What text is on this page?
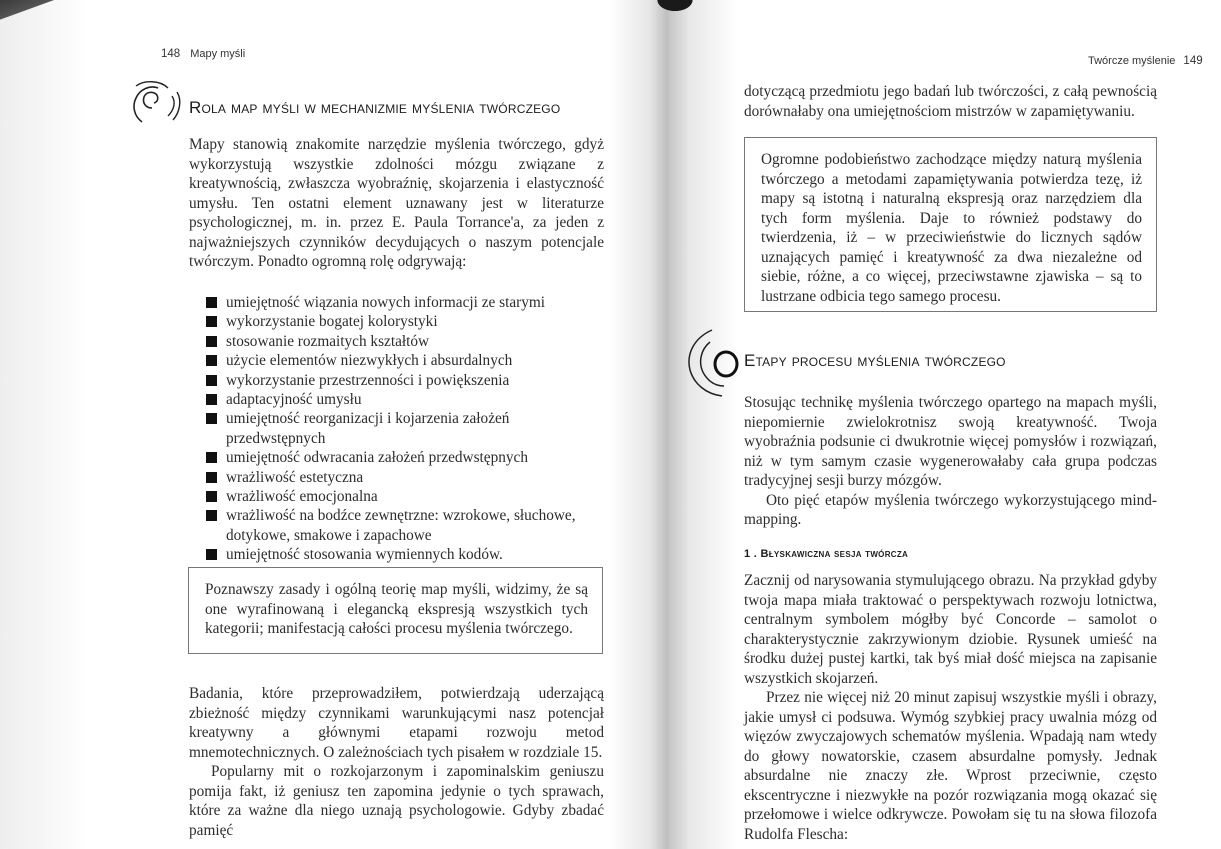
148 Mapy myśli
Rola map myśli w mechanizmie myślenia twórczego

Mapy stanowią znakomite narzędzie myślenia twórczego, gdyż wykorzystują wszystkie zdolności mózgu związane z kreatywnością, zwłaszcza wyobraźnię, skojarzenia i elastyczność umysłu. Ten ostatni element uznawany jest w literaturze psychologicznej, m. in. przez E. Paula Torrance'a, za jeden z najważniejszych czynników decydujących o naszym potencjale twórczym. Ponadto ogromną rolę odgrywają:

umiejętność wiązania nowych informacji ze starymi
wykorzystanie bogatej kolorystyki
stosowanie rozmaitych kształtów
użycie elementów niezwykłych i absurdalnych
wykorzystanie przestrzenności i powiększenia
adaptacyjność umysłu
umiejętność reorganizacji i kojarzenia założeń przedwstępnych
umiejętność odwracania założeń przedwstępnych
wrażliwość estetyczna
wrażliwość emocjonalna
wrażliwość na bodźce zewnętrzne: wzrokowe, słuchowe, dotykowe, smakowe i zapachowe
umiejętność stosowania wymiennych kodów.
Poznawszy zasady i ogólną teorię map myśli, widzimy, że są one wyrafinowaną i elegancką ekspresją wszystkich tych kategorii; manifestacją całości procesu myślenia twórczego.

Badania, które przeprowadziłem, potwierdzają uderzającą zbieżność między czynnikami warunkującymi nasz potencjał kreatywny a głównymi etapami rozwoju metod mnemotechnicznych. O zależnościach tych pisałem w rozdziale 15.

Popularny mit o rozkojarzonym i zapominalskim geniuszu pomija fakt, iż geniusz ten zapomina jedynie o tych sprawach, które za ważne dla niego uznają psychologowie. Gdyby zbadać pamięć

Twórcze myślenie 149

dotyczącą przedmiotu jego badań lub twórczości, z całą pewnością dorównałaby ona umiejętnościom mistrzów w zapamiętywaniu.

Ogromne podobieństwo zachodzące między naturą myślenia twórczego a metodami zapamiętywania potwierdza tezę, iż mapy są istotną i naturalną ekspresją oraz narzędziem dla tych form myślenia. Daje to również podstawy do twierdzenia, iż – w przeciwieństwie do licznych sądów uznających pamięć i kreatywność za dwa niezależne od siebie, różne, a co więcej, przeciwstawne zjawiska – są to lustrzane odbicia tego samego procesu.
Etapy procesu myślenia twórczego

Stosując technikę myślenia twórczego opartego na mapach myśli, niepomiernie zwielokrotnisz swoją kreatywność. Twoja wyobraźnia podsunie ci dwukrotnie więcej pomysłów i rozwiązań, niż w tym samym czasie wygenerowałaby cała grupa podczas tradycyjnej sesji burzy mózgów.

Oto pięć etapów myślenia twórczego wykorzystującego mind-mapping.

1 . Błyskawiczna sesja twórcza

Zacznij od narysowania stymulującego obrazu. Na przykład gdyby twoja mapa miała traktować o perspektywach rozwoju lotnictwa, centralnym symbolem mógłby być Concorde – samolot o charakterystycznie zakrzywionym dziobie. Rysunek umieść na środku dużej pustej kartki, tak byś miał dość miejsca na zapisanie wszystkich skojarzeń.

Przez nie więcej niż 20 minut zapisuj wszystkie myśli i obrazy, jakie umysł ci podsuwa. Wymóg szybkiej pracy uwalnia mózg od więzów zwyczajowych schematów myślenia. Wpadają nam wtedy do głowy nowatorskie, czasem absurdalne pomysły. Jednak absurdalne nie znaczy złe. Wprost przeciwnie, często ekscentryczne i niezwykłe na pozór rozwiązania mogą okazać się przełomowe i wielce odkrywcze. Powołam się tu na słowa filozofa Rudolfa Flescha:
